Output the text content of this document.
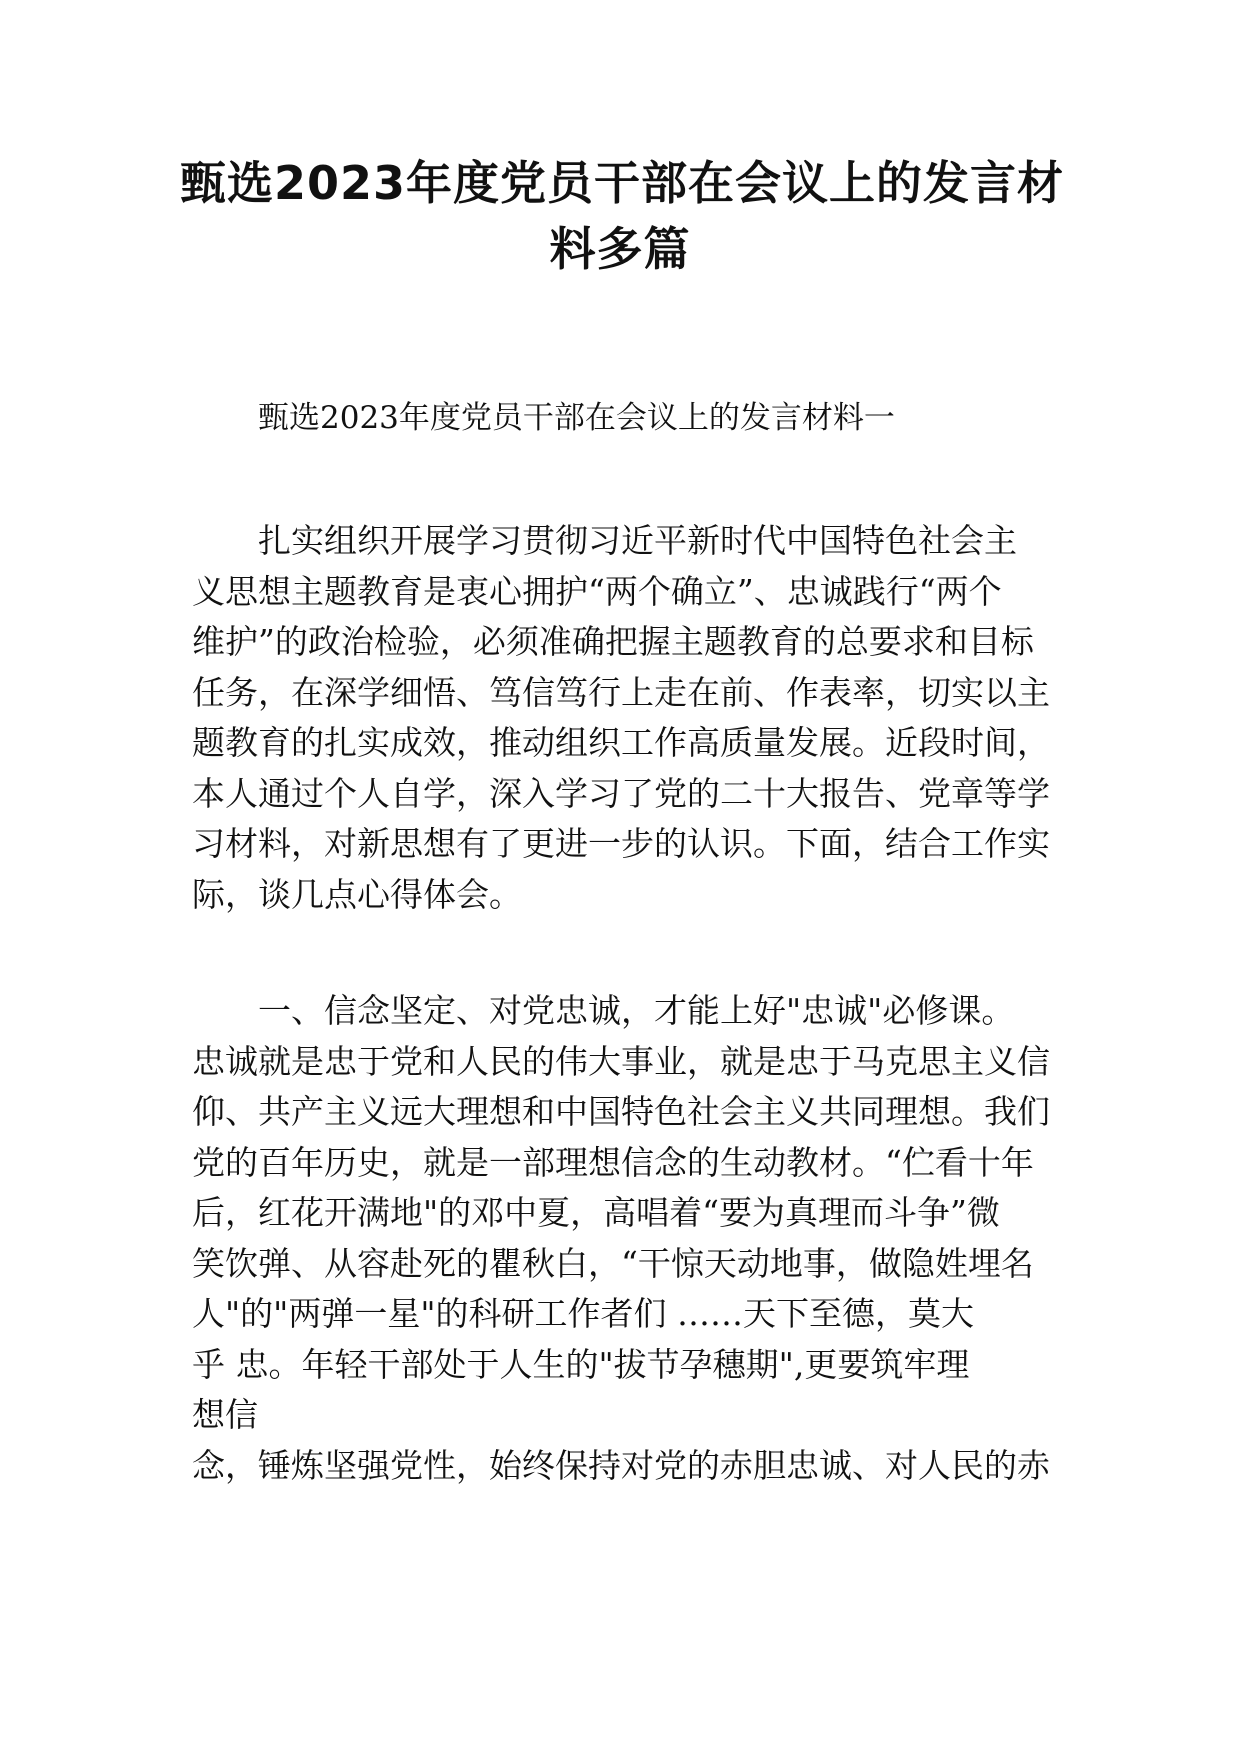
甄选2023年度党员干部在会议上的发言材
料多篇

甄选2023年度党员干部在会议上的发言材料一

扎实组织开展学习贯彻习近平新时代中国特色社会主
义思想主题教育是衷心拥护“两个确立”、忠诚践行“两个
维护”的政治检验，必须准确把握主题教育的总要求和目标
任务，在深学细悟、笃信笃行上走在前、作表率，切实以主
题教育的扎实成效，推动组织工作高质量发展。近段时间，
本人通过个人自学，深入学习了党的二十大报告、党章等学
习材料，对新思想有了更进一步的认识。下面，结合工作实
际，谈几点心得体会。

一、信念坚定、对党忠诚，才能上好"忠诚"必修课。
忠诚就是忠于党和人民的伟大事业，就是忠于马克思主义信
仰、共产主义远大理想和中国特色社会主义共同理想。我们
党的百年历史，就是一部理想信念的生动教材。“伫看十年
后，红花开满地"的邓中夏，高唱着“要为真理而斗争”微
笑饮弹、从容赴死的瞿秋白，“干惊天动地事，做隐姓埋名
人"的"两弹一星"的科研工作者们 ……天下至德，莫大
乎 忠。年轻干部处于人生的"拔节孕穗期",更要筑牢理
想信
念，锤炼坚强党性，始终保持对党的赤胆忠诚、对人民的赤
